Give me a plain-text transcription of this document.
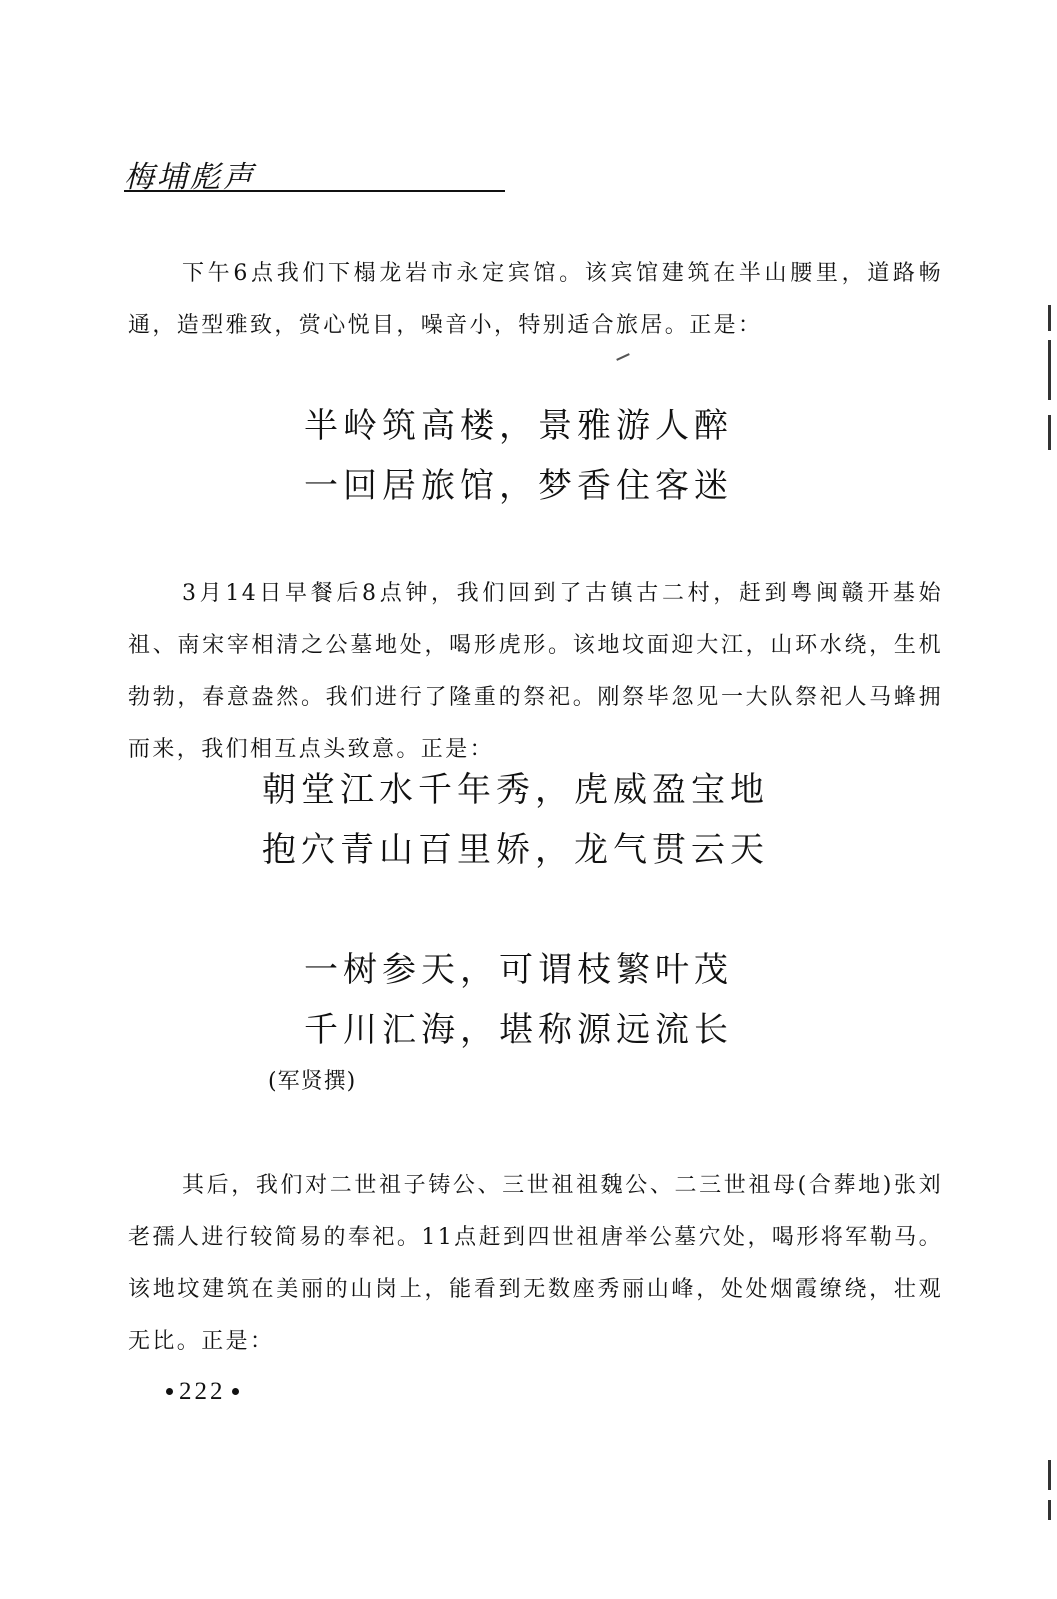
梅埔彪声

下午6点我们下榻龙岩市永定宾馆。该宾馆建筑在半山腰里，道路畅通，造型雅致，赏心悦目，噪音小，特别适合旅居。正是：

半岭筑高楼，景雅游人醉
一回居旅馆，梦香住客迷

3月14日早餐后8点钟，我们回到了古镇古二村，赶到粤闽赣开基始祖、南宋宰相清之公墓地处，喝形虎形。该地坟面迎大江，山环水绕，生机勃勃，春意盎然。我们进行了隆重的祭祀。刚祭毕忽见一大队祭祀人马蜂拥而来，我们相互点头致意。正是：

朝堂江水千年秀，虎威盈宝地
抱穴青山百里娇，龙气贯云天
一树参天，可谓枝繁叶茂
千川汇海，堪称源远流长
(军贤撰)

其后，我们对二世祖子铸公、三世祖祖魏公、二三世祖母(合葬地)张刘老孺人进行较简易的奉祀。11点赶到四世祖唐举公墓穴处，喝形将军勒马。该地坟建筑在美丽的山岗上，能看到无数座秀丽山峰，处处烟霞缭绕，壮观无比。正是：

222
